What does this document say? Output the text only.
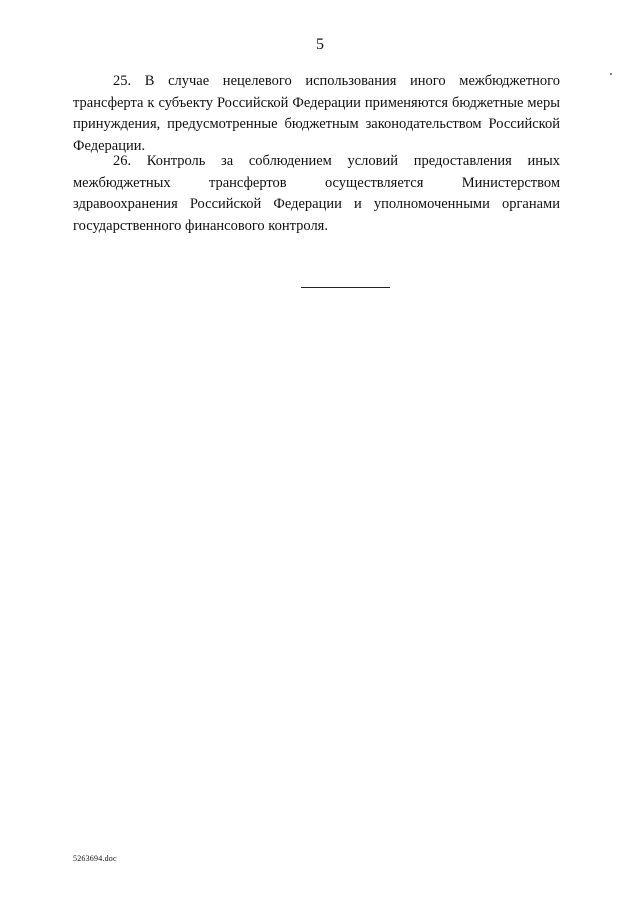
5

25. В случае нецелевого использования иного межбюджетного трансферта к субъекту Российской Федерации применяются бюджетные меры принуждения, предусмотренные бюджетным законодательством Российской Федерации.

26. Контроль за соблюдением условий предоставления иных межбюджетных трансфертов осуществляется Министерством здравоохранения Российской Федерации и уполномоченными органами государственного финансового контроля.

5263694.doc
